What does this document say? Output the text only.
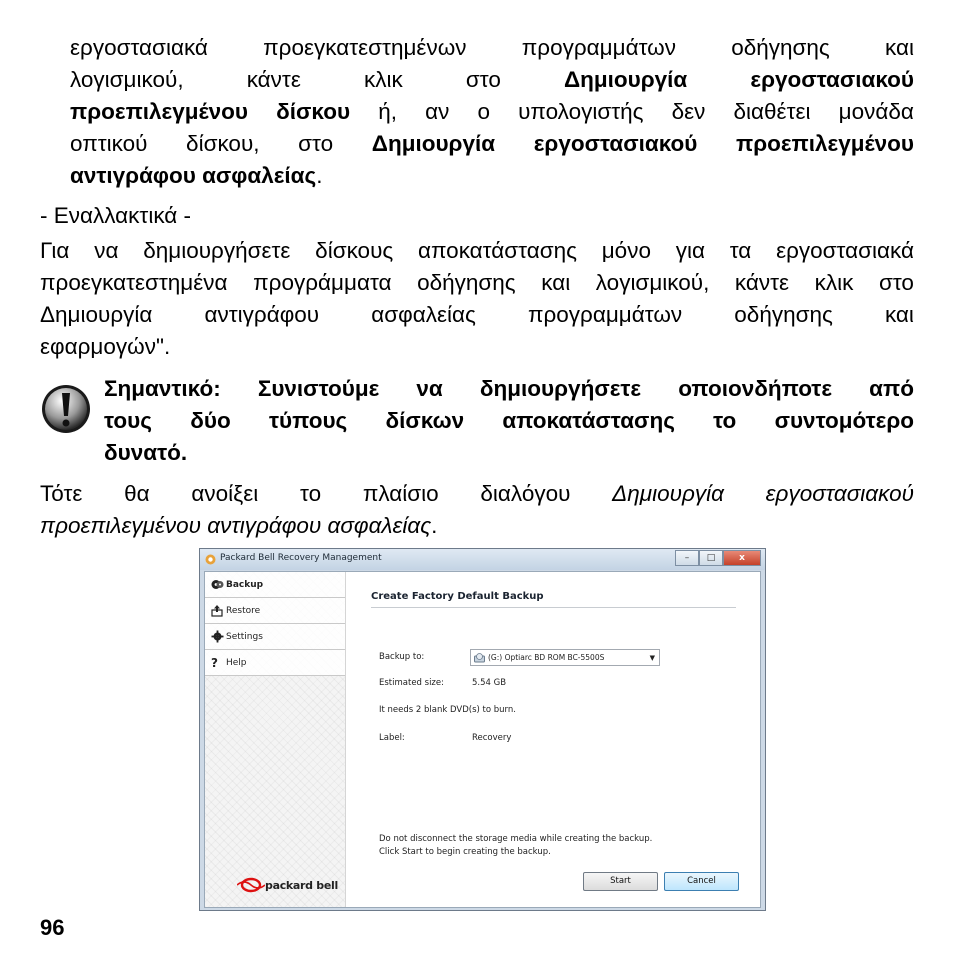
εργοστασιακά προεγκατεστημένων προγραμμάτων οδήγησης και
λογισμικού,	κάντε	κλικ	στο	Δημιουργία	εργοστασιακού
προεπιλεγμένου δίσκου ή, αν ο υπολογιστής δεν διαθέτει μονάδα
οπτικού δίσκου, στο Δημιουργία εργοστασιακού προεπιλεγμένου
αντιγράφου ασφαλείας.
- Εναλλακτικά -
Για να δημιουργήσετε δίσκους αποκατάστασης μόνο για τα εργοστασιακά
προεγκατεστημένα προγράμματα οδήγησης και λογισμικού, κάντε κλικ στο
Δημιουργία αντιγράφου ασφαλείας προγραμμάτων οδήγησης και
εφαρμογών".
Σημαντικό: Συνιστούμε να δημιουργήσετε οποιονδήποτε από
τους δύο τύπους δίσκων αποκατάστασης το συντομότερο
δυνατό.
Τότε θα ανοίξει το πλαίσιο διαλόγου Δημιουργία εργοστασιακού
προεπιλεγμένου αντιγράφου ασφαλείας.
Packard Bell Recovery Management	–	□	x
Backup
Restore
Settings
? Help
packard bell
Create Factory Default Backup
Backup to:	(G:) Optiarc BD ROM BC-5500S	▼
Estimated size:	5.54 GB
It needs 2 blank DVD(s) to burn.
Label:	Recovery
Do not disconnect the storage media while creating the backup.
Click Start to begin creating the backup.
Start	Cancel
96
